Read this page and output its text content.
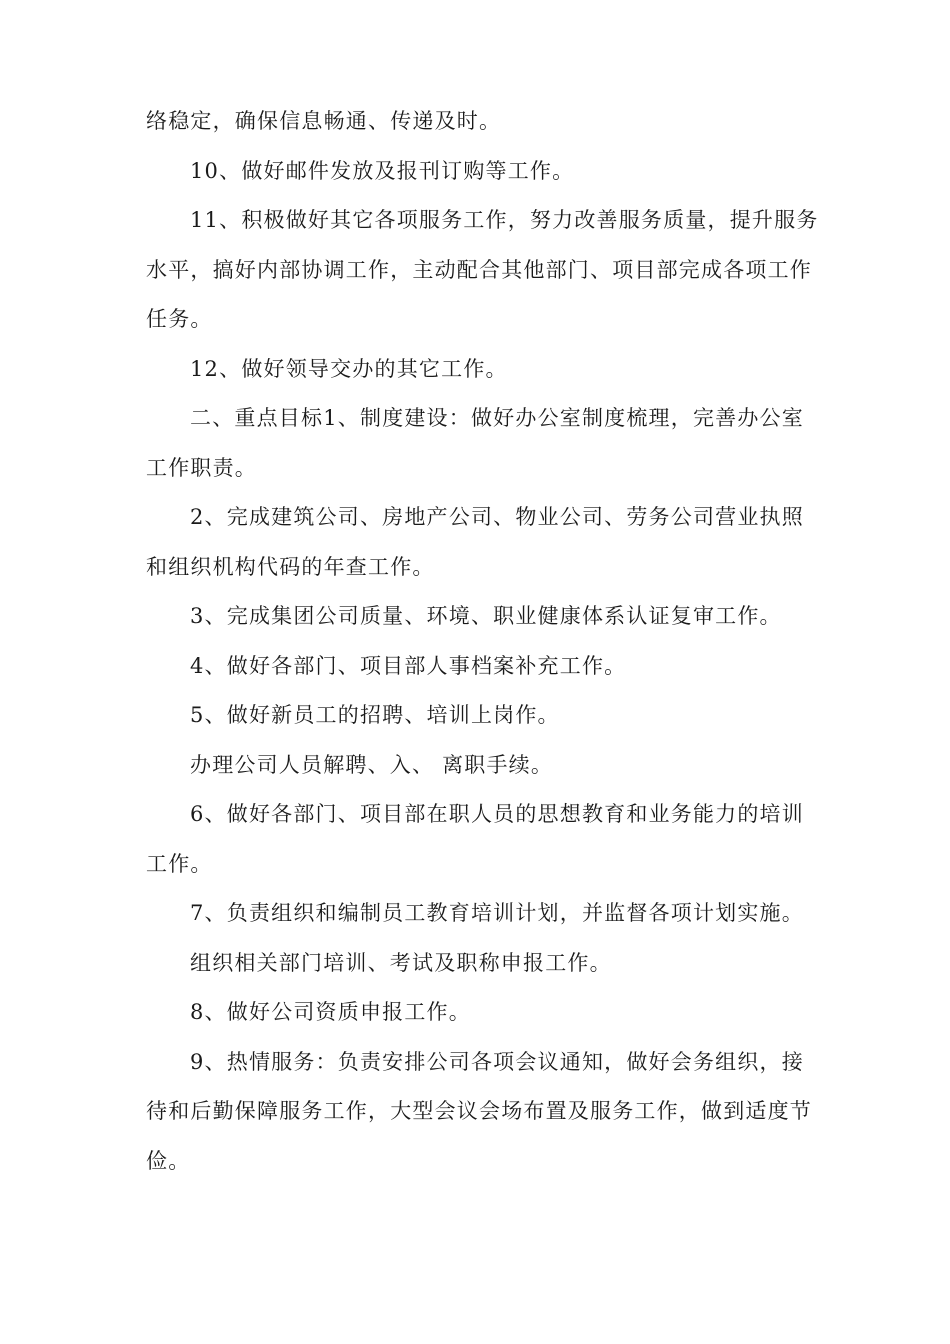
络稳定，确保信息畅通、传递及时。

10、做好邮件发放及报刊订购等工作。

11、积极做好其它各项服务工作，努力改善服务质量，提升服务水平，搞好内部协调工作，主动配合其他部门、项目部完成各项工作任务。

12、做好领导交办的其它工作。

二、重点目标1、制度建设：做好办公室制度梳理，完善办公室工作职责。

2、完成建筑公司、房地产公司、物业公司、劳务公司营业执照和组织机构代码的年查工作。

3、完成集团公司质量、环境、职业健康体系认证复审工作。

4、做好各部门、项目部人事档案补充工作。

5、做好新员工的招聘、培训上岗作。

办理公司人员解聘、入、 离职手续。

6、做好各部门、项目部在职人员的思想教育和业务能力的培训工作。

7、负责组织和编制员工教育培训计划，并监督各项计划实施。

组织相关部门培训、考试及职称申报工作。

8、做好公司资质申报工作。

9、热情服务：负责安排公司各项会议通知，做好会务组织，接待和后勤保障服务工作，大型会议会场布置及服务工作，做到适度节俭。
